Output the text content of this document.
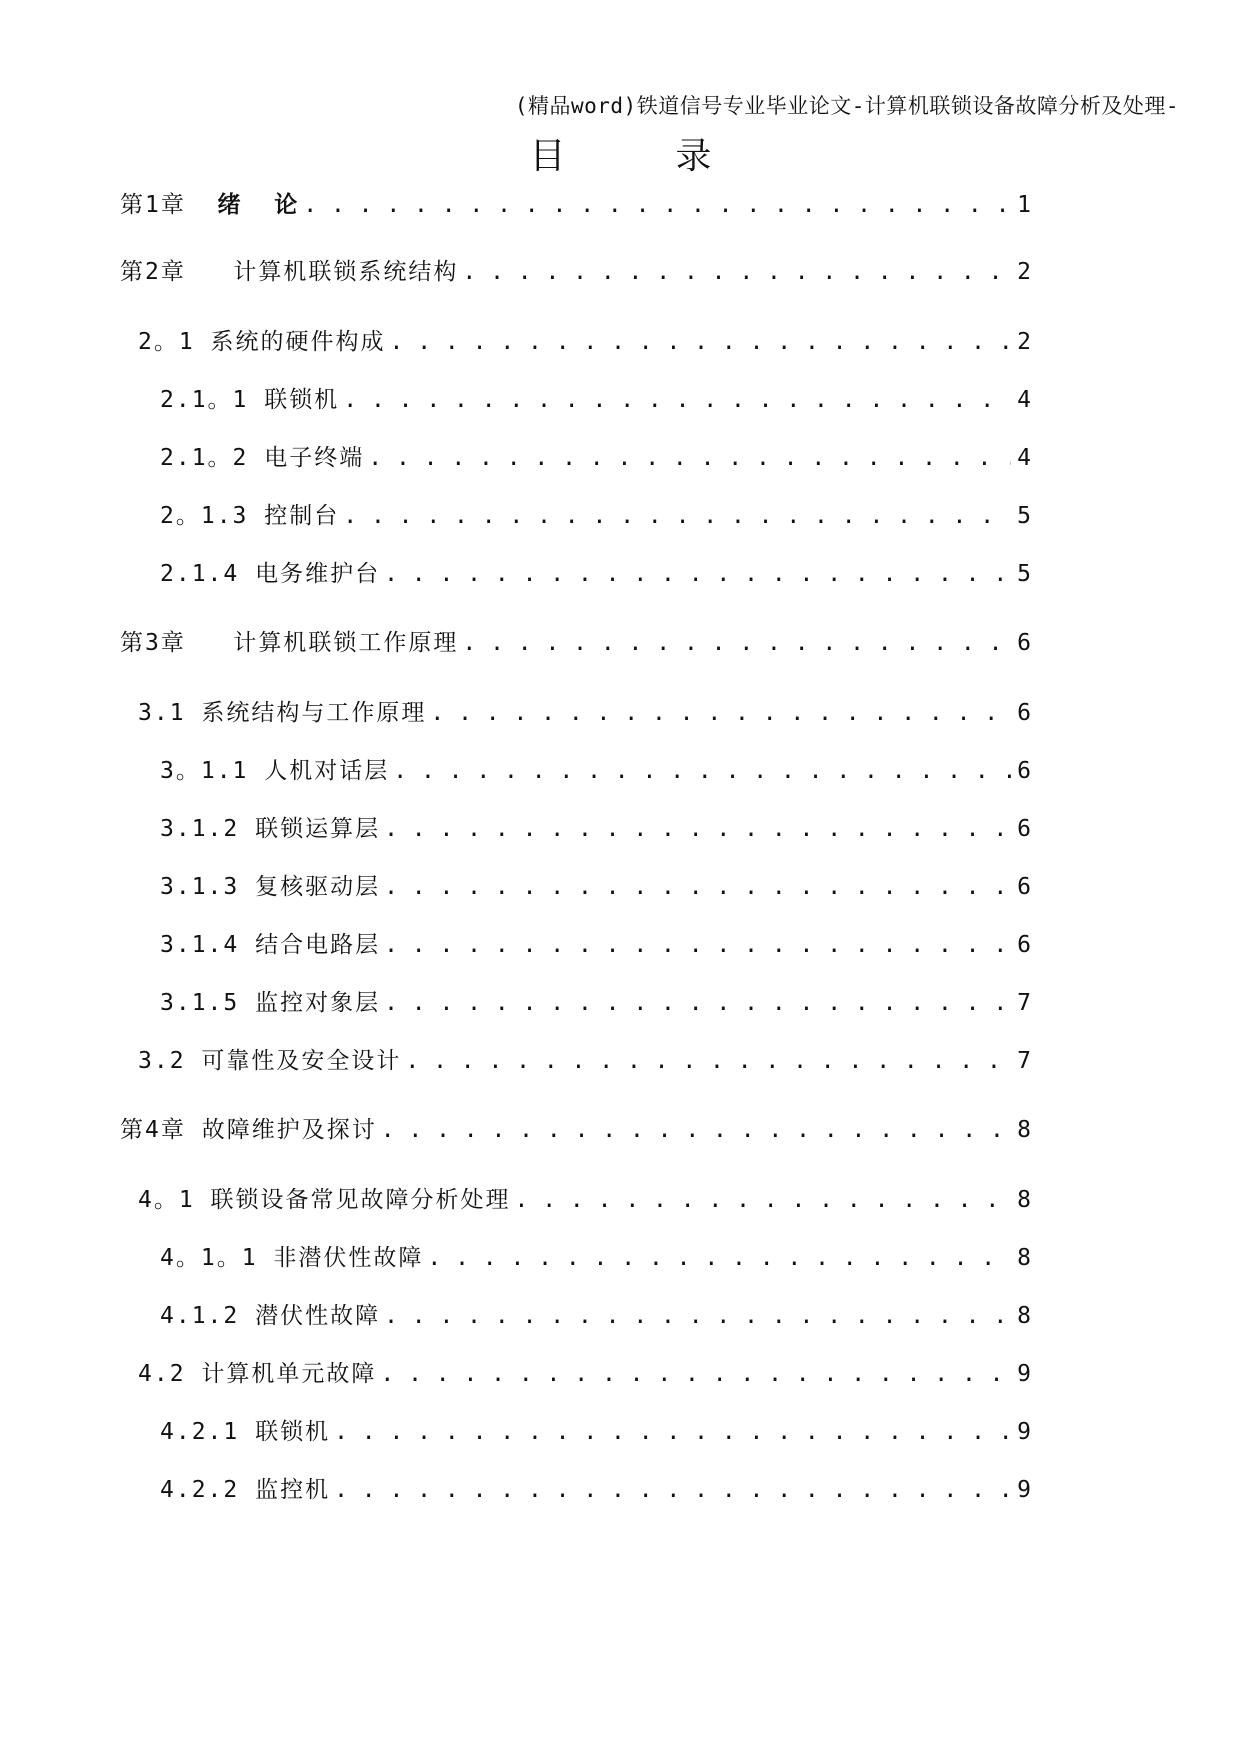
(精品word)铁道信号专业毕业论文-计算机联锁设备故障分析及处理-
目	录
第1章  绪  论 . . .	1
第2章   计算机联锁系统结构 . . .	2
2。1 系统的硬件构成 . . .	2
2.1。1 联锁机 . . .	4
2.1。2 电子终端 . . .	4
2。1.3 控制台 . . .	5
2.1.4 电务维护台 . . .	5
第3章   计算机联锁工作原理 . . .	6
3.1 系统结构与工作原理 . . .	6
3。1.1 人机对话层 . . .	6
3.1.2 联锁运算层 . . .	6
3.1.3 复核驱动层 . . .	6
3.1.4 结合电路层 . . .	6
3.1.5 监控对象层 . . .	7
3.2 可靠性及安全设计 . . .	7
第4章 故障维护及探讨 . . .	8
4。1 联锁设备常见故障分析处理 . . .	8
4。1。1 非潜伏性故障 . . .	8
4.1.2 潜伏性故障 . . .	8
4.2 计算机单元故障 . . .	9
4.2.1 联锁机 . . .	9
4.2.2 监控机 . . .	9
